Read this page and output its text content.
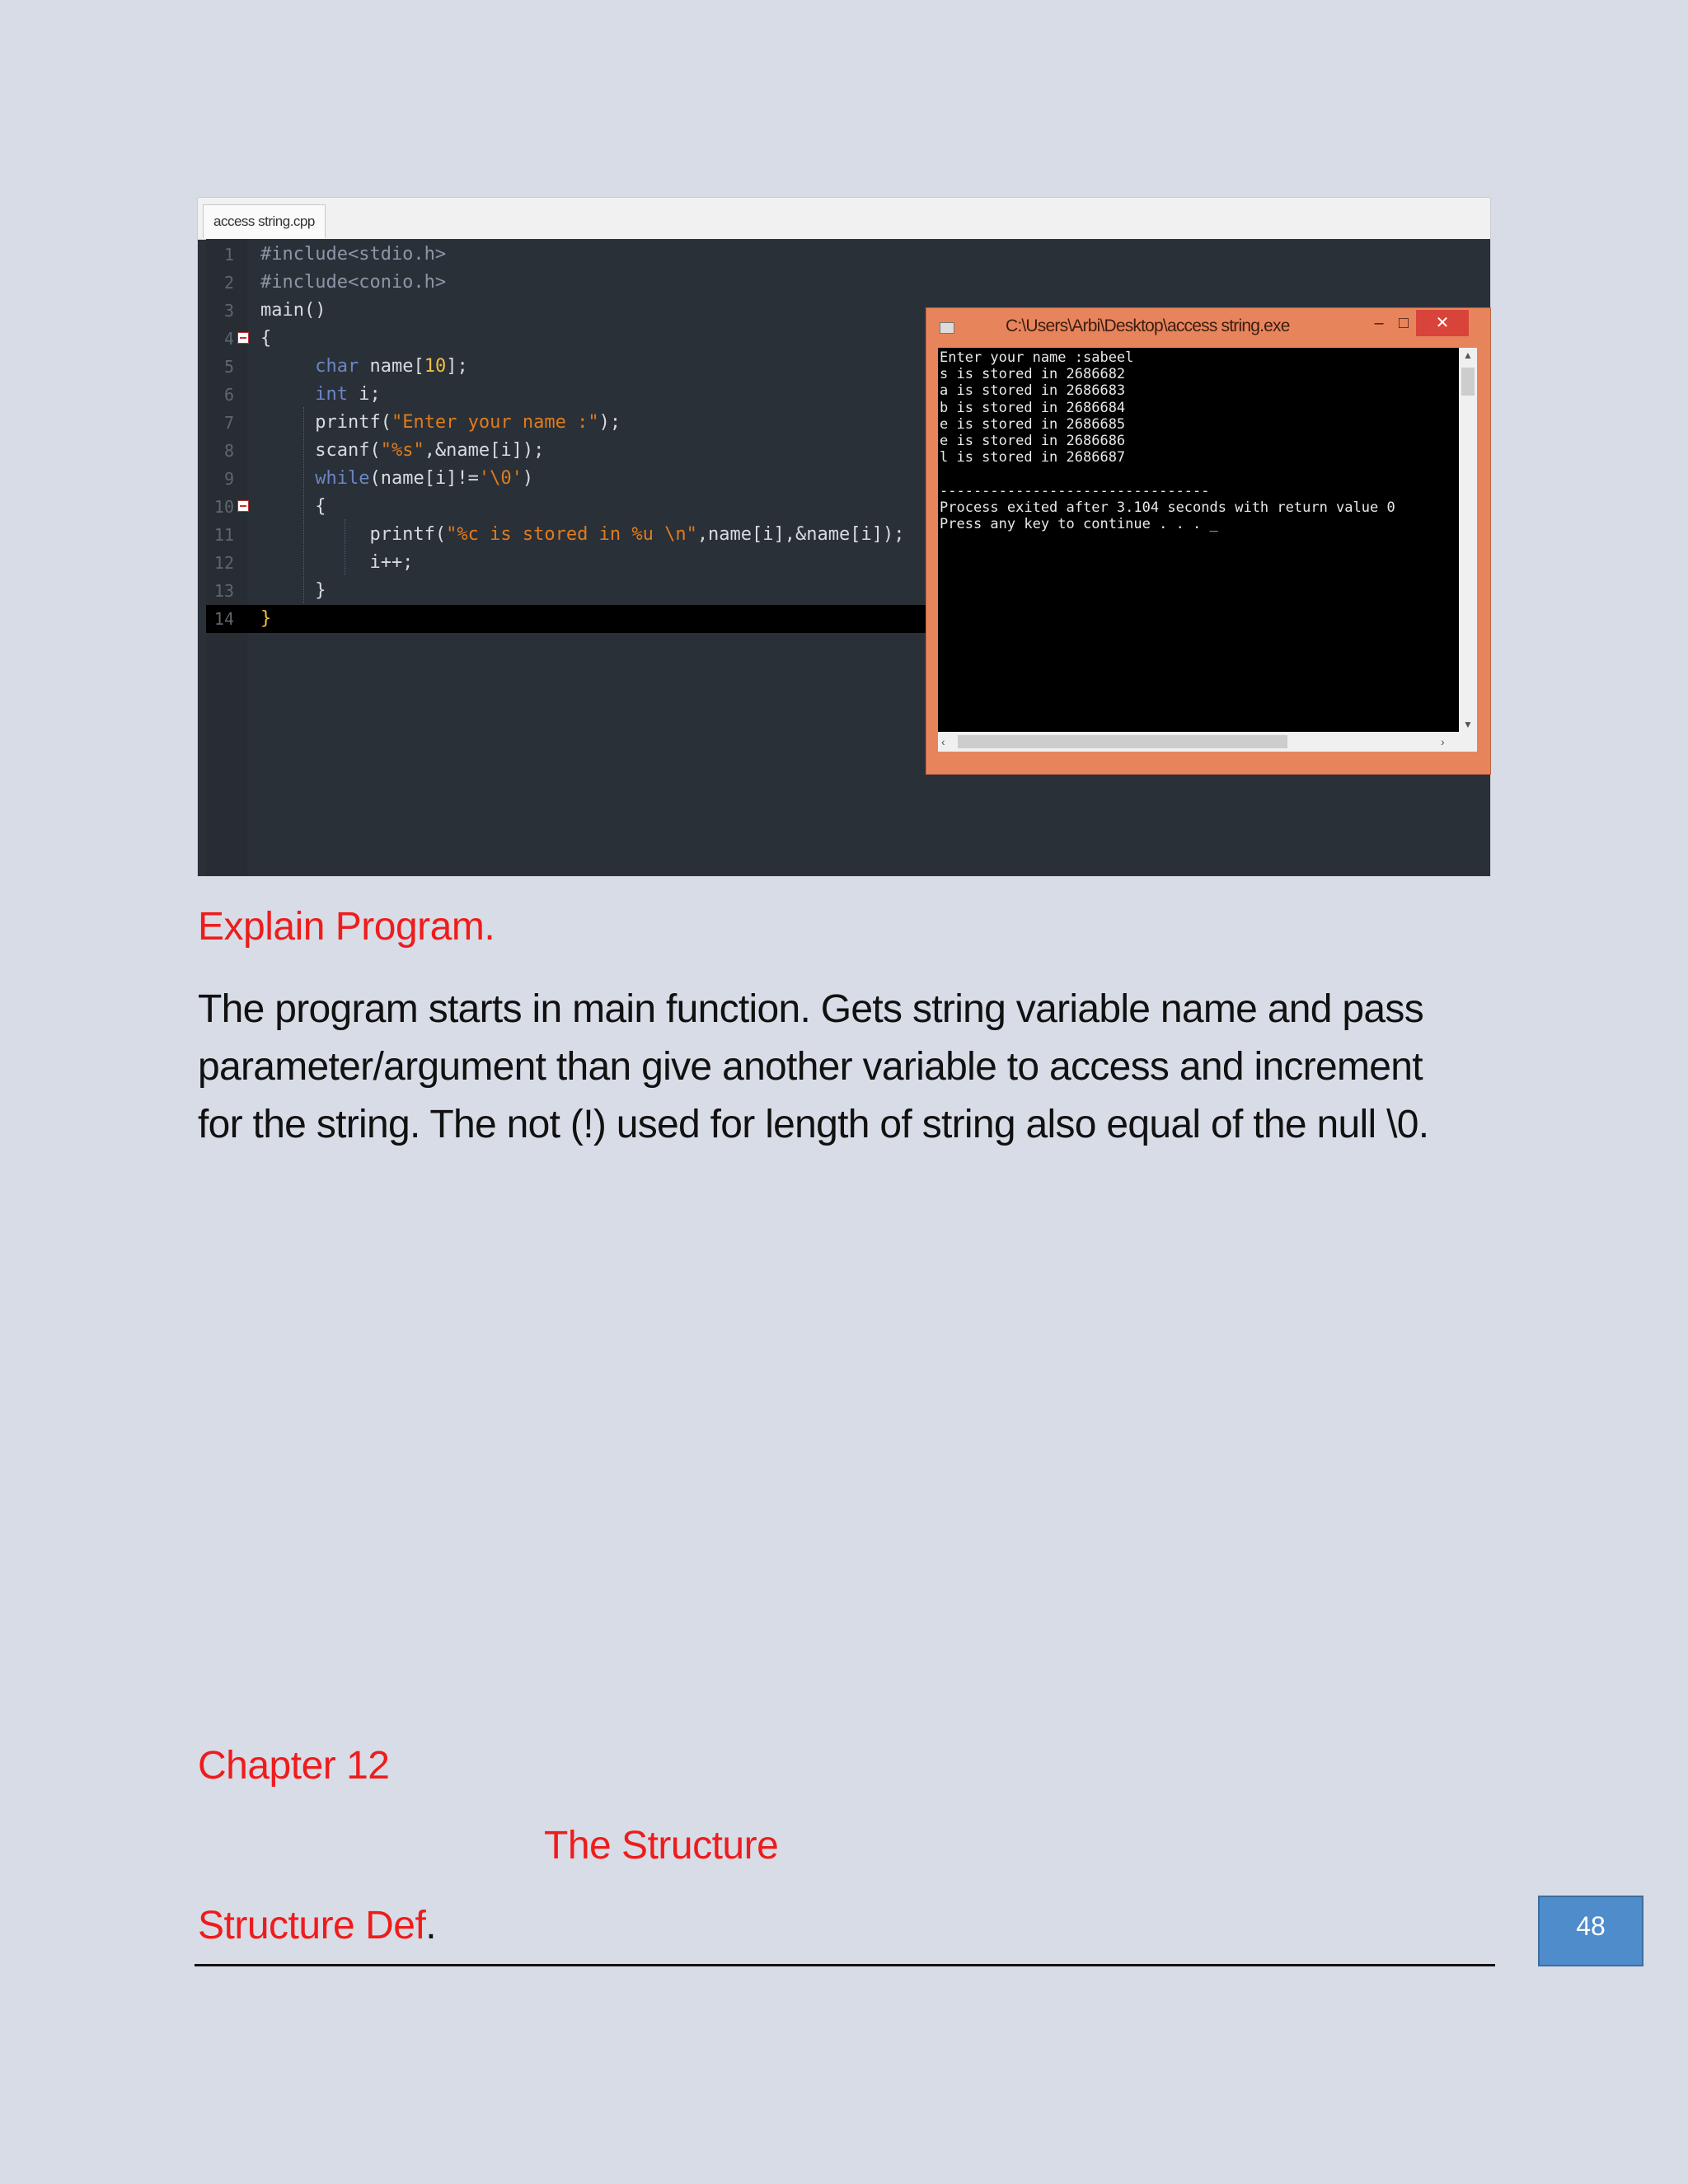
access string.cpp
1 #include<stdio.h>
2 #include<conio.h>
3 main()
4 {
5	char name[10];
6	int i;
7 printf("Enter your name :");
8 scanf("%s",&name[i]);
9	while(name[i]!='\0')
10 {
11 printf("%c is stored in %u \n",name[i],&name[i]);
12 i++;
13 }
14 }
C:\Users\Arbi\Desktop\access string.exe	– □	✕
Enter your name :sabeel
s is stored in 2686682
a is stored in 2686683
b is stored in 2686684
e is stored in 2686685
e is stored in 2686686
l is stored in 2686687

--------------------------------
Process exited after 3.104 seconds with return value 0
Press any key to continue . . . _
▲
▼
‹	›
Explain Program.
The program starts in main function. Gets string variable name and pass
parameter/argument than give another variable to access and increment
for the string. The not (!) used for length of string also equal of the null \0.
Chapter 12
The Structure
Structure Def.	48
